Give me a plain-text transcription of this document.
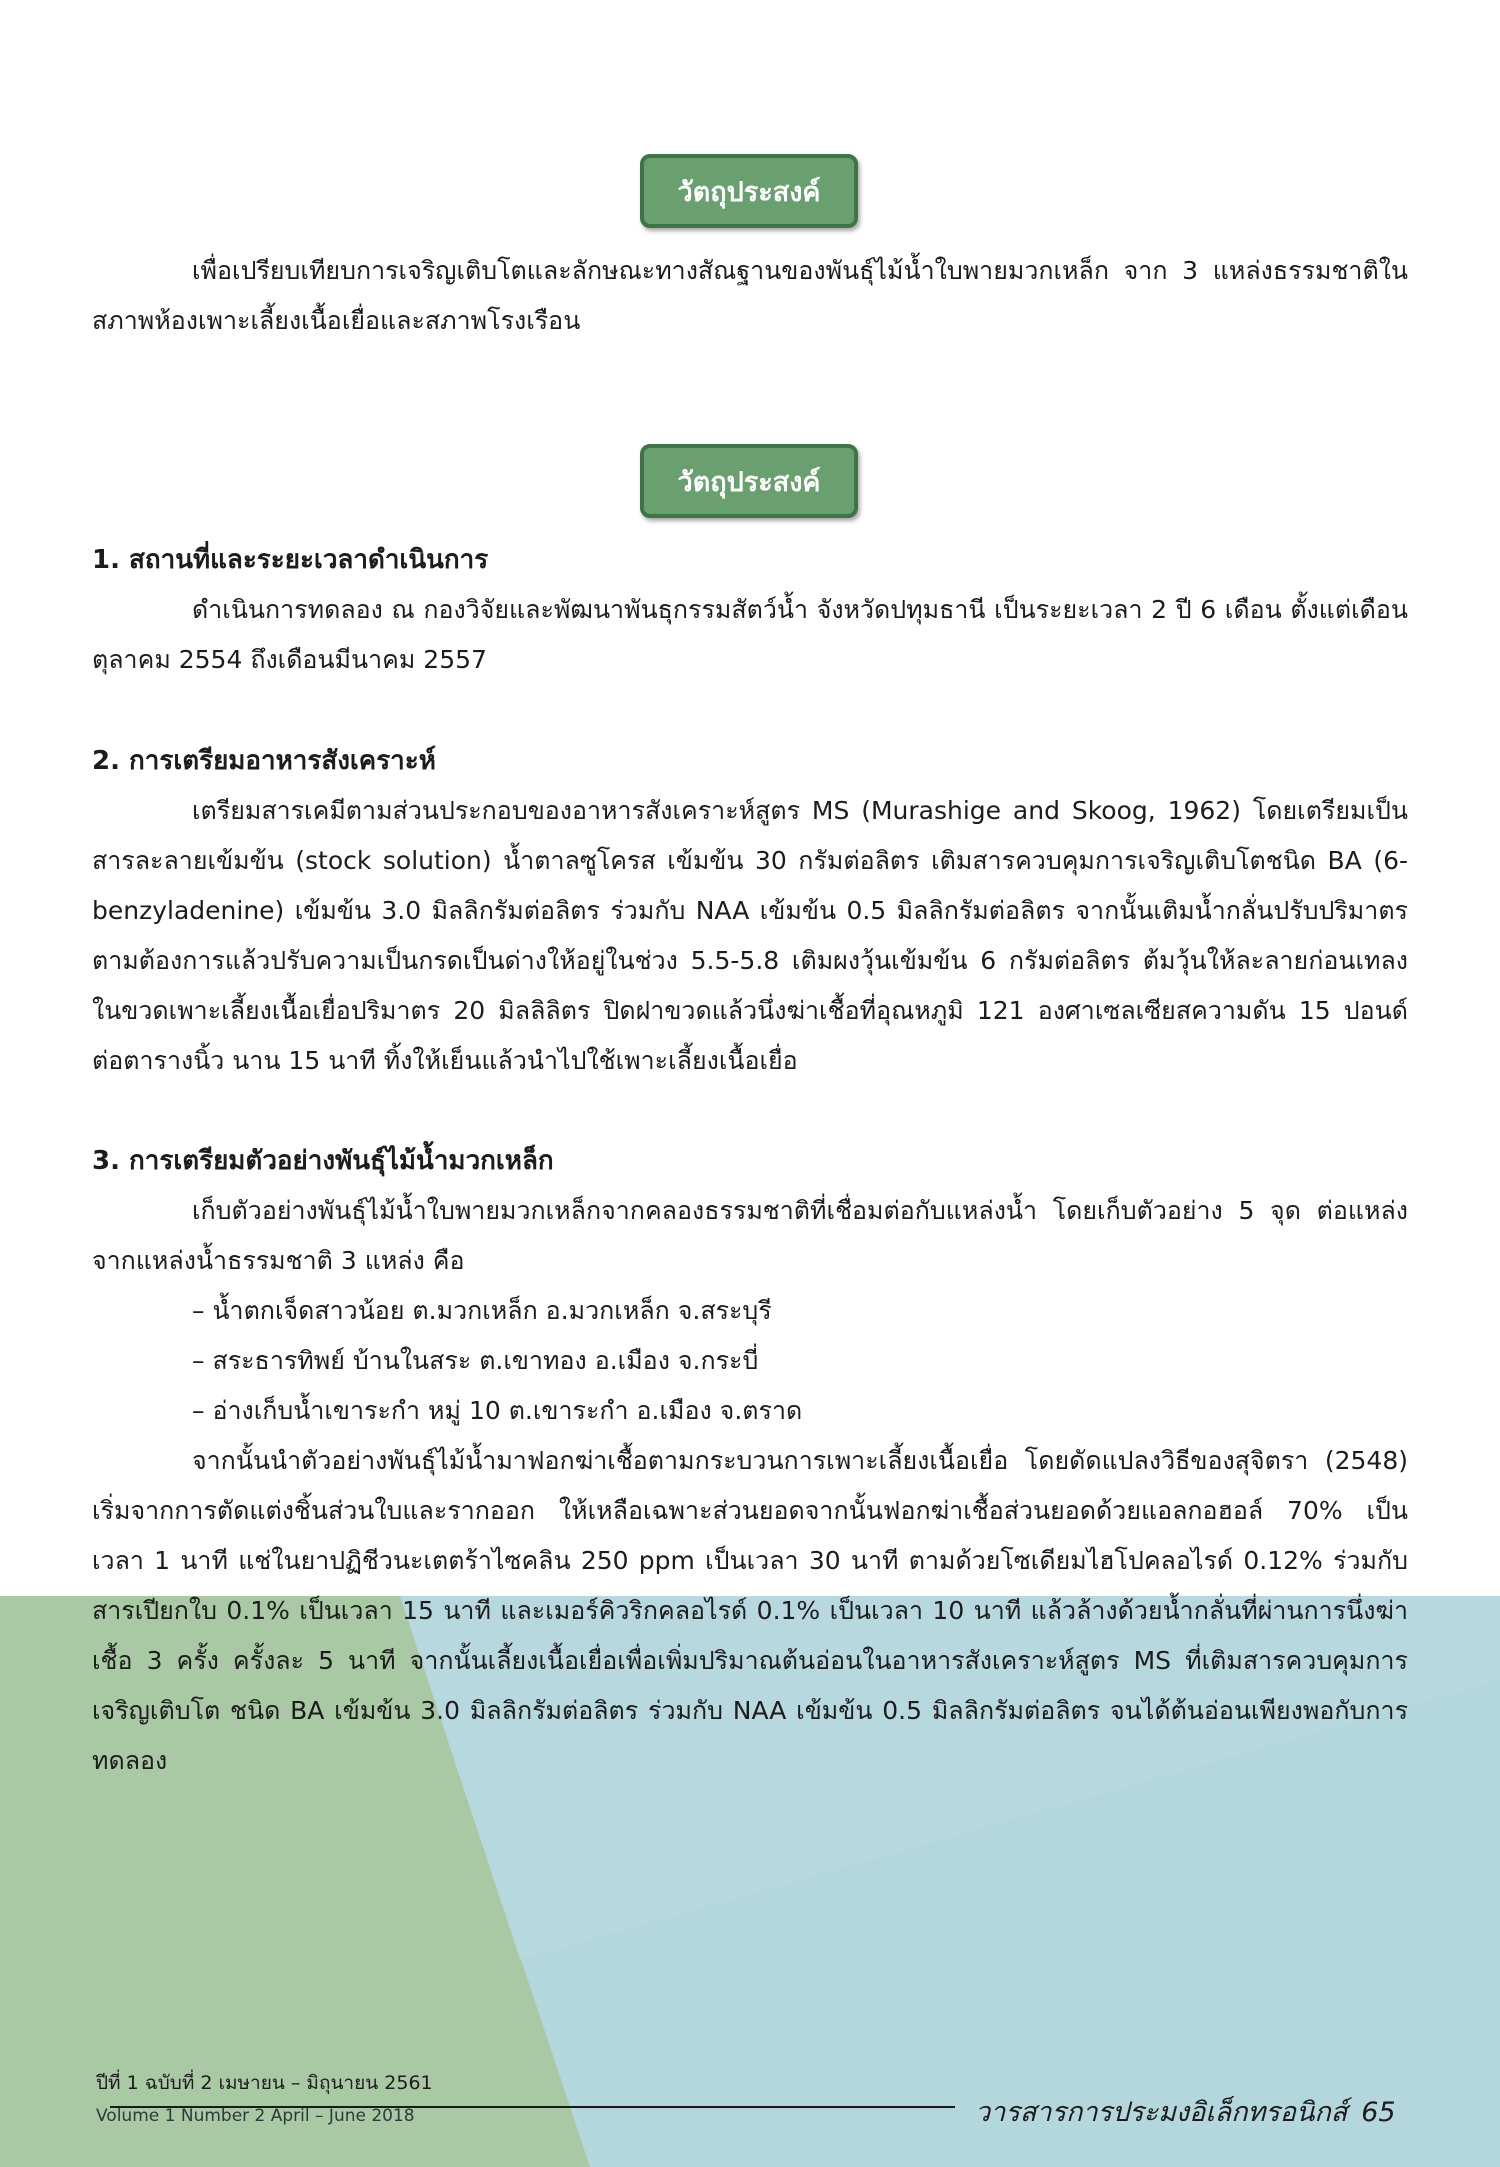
วัตถุประสงค์

เพื่อเปรียบเทียบการเจริญเติบโตและลักษณะทางสัณฐานของพันธุ์ไม้น้ำใบพายมวกเหล็ก จาก 3 แหล่งธรรมชาติในสภาพห้องเพาะเลี้ยงเนื้อเยื่อและสภาพโรงเรือน

วัตถุประสงค์

1. สถานที่และระยะเวลาดำเนินการ

ดำเนินการทดลอง ณ กองวิจัยและพัฒนาพันธุกรรมสัตว์น้ำ จังหวัดปทุมธานี เป็นระยะเวลา 2 ปี 6 เดือน ตั้งแต่เดือนตุลาคม 2554 ถึงเดือนมีนาคม 2557

2. การเตรียมอาหารสังเคราะห์

เตรียมสารเคมีตามส่วนประกอบของอาหารสังเคราะห์สูตร MS (Murashige and Skoog, 1962) โดยเตรียมเป็นสารละลายเข้มข้น (stock solution) น้ำตาลซูโครส เข้มข้น 30 กรัมต่อลิตร เติมสารควบคุมการเจริญเติบโตชนิด BA (6-benzyladenine) เข้มข้น 3.0 มิลลิกรัมต่อลิตร ร่วมกับ NAA เข้มข้น 0.5 มิลลิกรัมต่อลิตร จากนั้นเติมน้ำกลั่นปรับปริมาตรตามต้องการแล้วปรับความเป็นกรดเป็นด่างให้อยู่ในช่วง 5.5-5.8 เติมผงวุ้นเข้มข้น 6 กรัมต่อลิตร ต้มวุ้นให้ละลายก่อนเทลงในขวดเพาะเลี้ยงเนื้อเยื่อปริมาตร 20 มิลลิลิตร ปิดฝาขวดแล้วนึ่งฆ่าเชื้อที่อุณหภูมิ 121 องศาเซลเซียสความดัน 15 ปอนด์ต่อตารางนิ้ว นาน 15 นาที ทิ้งให้เย็นแล้วนำไปใช้เพาะเลี้ยงเนื้อเยื่อ

3. การเตรียมตัวอย่างพันธุ์ไม้น้ำมวกเหล็ก

เก็บตัวอย่างพันธุ์ไม้น้ำใบพายมวกเหล็กจากคลองธรรมชาติที่เชื่อมต่อกับแหล่งน้ำ โดยเก็บตัวอย่าง 5 จุด ต่อแหล่งจากแหล่งน้ำธรรมชาติ 3 แหล่ง คือ

– น้ำตกเจ็ดสาวน้อย ต.มวกเหล็ก อ.มวกเหล็ก จ.สระบุรี

– สระธารทิพย์ บ้านในสระ ต.เขาทอง อ.เมือง จ.กระบี่

– อ่างเก็บน้ำเขาระกำ หมู่ 10 ต.เขาระกำ อ.เมือง จ.ตราด

จากนั้นนำตัวอย่างพันธุ์ไม้น้ำมาฟอกฆ่าเชื้อตามกระบวนการเพาะเลี้ยงเนื้อเยื่อ โดยดัดแปลงวิธีของสุจิตรา (2548) เริ่มจากการตัดแต่งชิ้นส่วนใบและรากออก ให้เหลือเฉพาะส่วนยอดจากนั้นฟอกฆ่าเชื้อส่วนยอดด้วยแอลกอฮอล์ 70% เป็นเวลา 1 นาที แช่ในยาปฏิชีวนะเตตร้าไซคลิน 250 ppm เป็นเวลา 30 นาที ตามด้วยโซเดียมไฮโปคลอไรด์ 0.12% ร่วมกับสารเปียกใบ 0.1% เป็นเวลา 15 นาที และเมอร์คิวริกคลอไรด์ 0.1% เป็นเวลา 10 นาที แล้วล้างด้วยน้ำกลั่นที่ผ่านการนึ่งฆ่าเชื้อ 3 ครั้ง ครั้งละ 5 นาที จากนั้นเลี้ยงเนื้อเยื่อเพื่อเพิ่มปริมาณต้นอ่อนในอาหารสังเคราะห์สูตร MS ที่เติมสารควบคุมการเจริญเติบโต ชนิด BA เข้มข้น 3.0 มิลลิกรัมต่อลิตร ร่วมกับ NAA เข้มข้น 0.5 มิลลิกรัมต่อลิตร จนได้ต้นอ่อนเพียงพอกับการทดลอง

ปีที่ 1 ฉบับที่ 2 เมษายน – มิถุนายน 2561
Volume 1 Number 2 April – June 2018	วารสารการประมงอิเล็กทรอนิกส์ 65
